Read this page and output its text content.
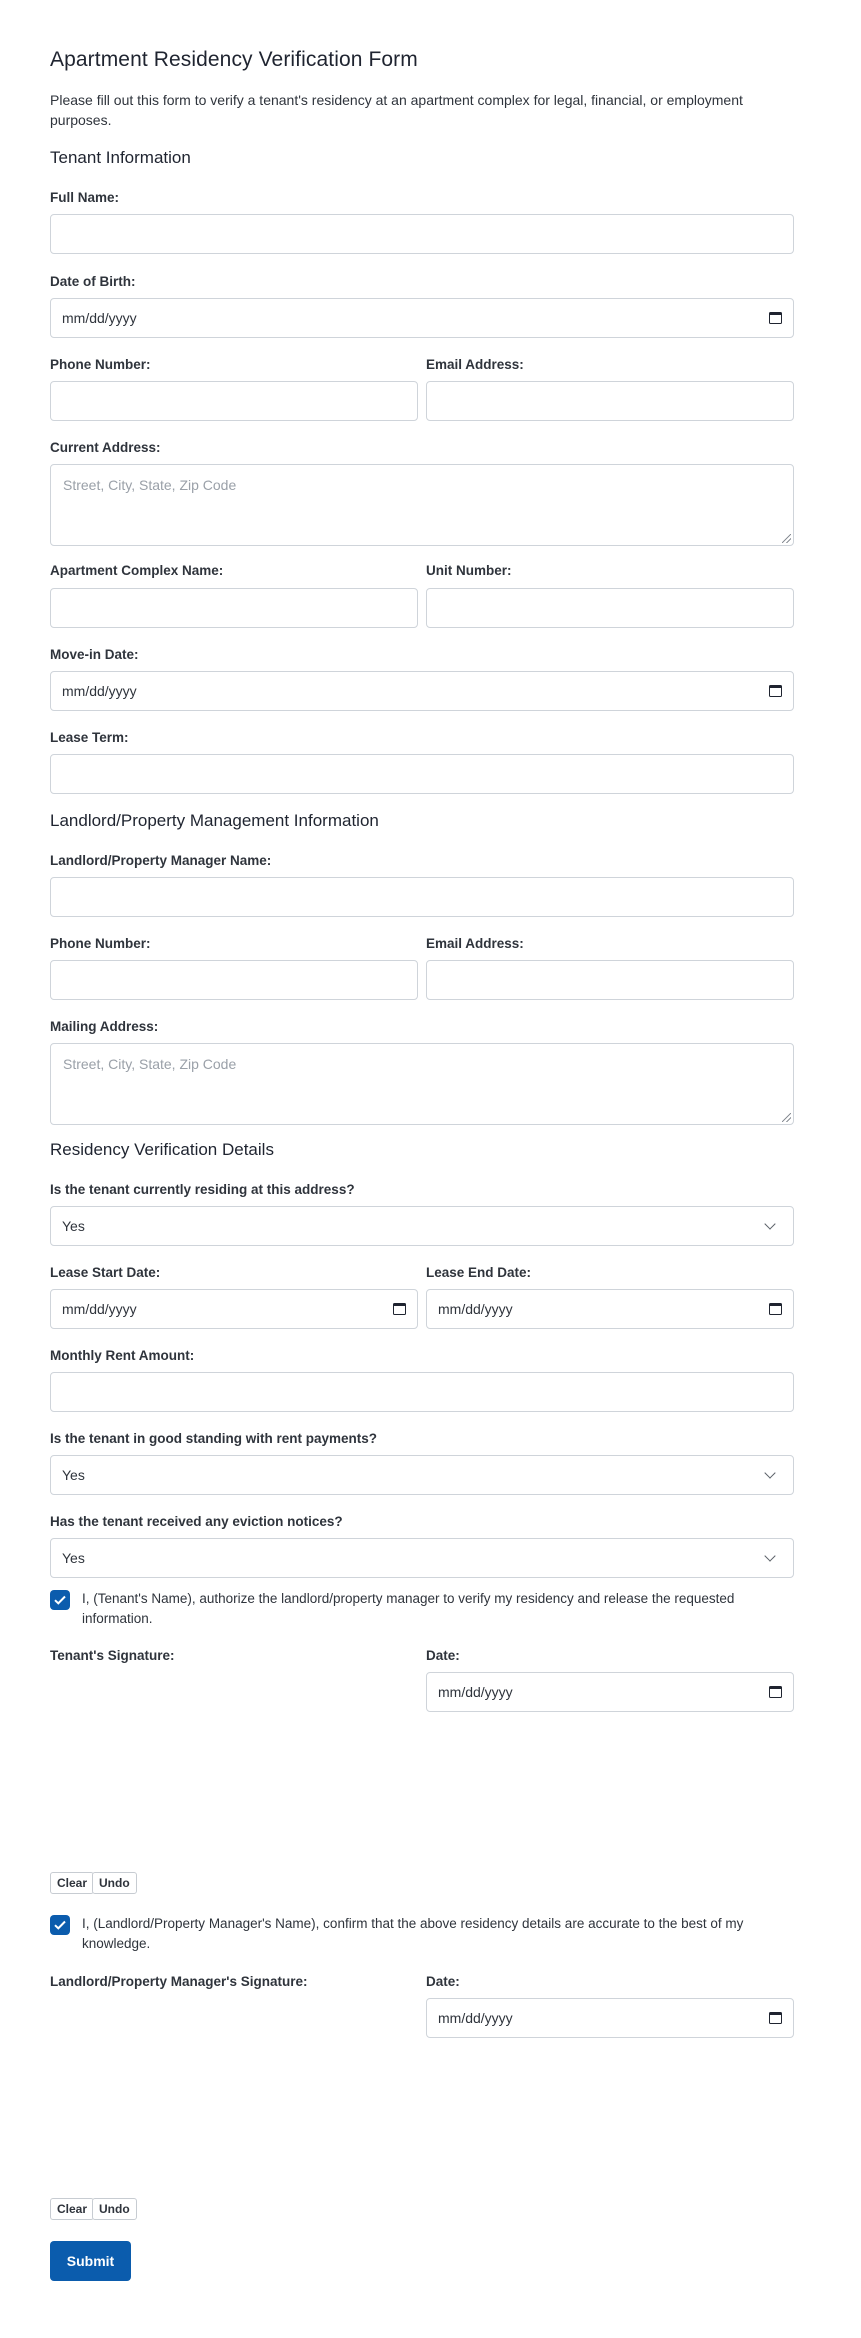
Apartment Residency Verification Form
Please fill out this form to verify a tenant's residency at an apartment complex for legal, financial, or employment purposes.
Tenant Information
Full Name:
Date of Birth:
mm/dd/yyyy
Phone Number:	Email Address:
Current Address:
Street, City, State, Zip Code
Apartment Complex Name:	Unit Number:
Move-in Date:
mm/dd/yyyy
Lease Term:
Landlord/Property Management Information
Landlord/Property Manager Name:
Phone Number:	Email Address:
Mailing Address:
Street, City, State, Zip Code
Residency Verification Details
Is the tenant currently residing at this address?
Yes
Lease Start Date:
mm/dd/yyyy
Lease End Date:
mm/dd/yyyy
Monthly Rent Amount:
Is the tenant in good standing with rent payments?
Yes
Has the tenant received any eviction notices?
Yes
I, (Tenant's Name), authorize the landlord/property manager to verify my residency and release the requested information.
Tenant's Signature:	Date:
mm/dd/yyyy
Clear Undo
I, (Landlord/Property Manager's Name), confirm that the above residency details are accurate to the best of my knowledge.
Landlord/Property Manager's Signature:	Date:
mm/dd/yyyy
Clear Undo
Submit
